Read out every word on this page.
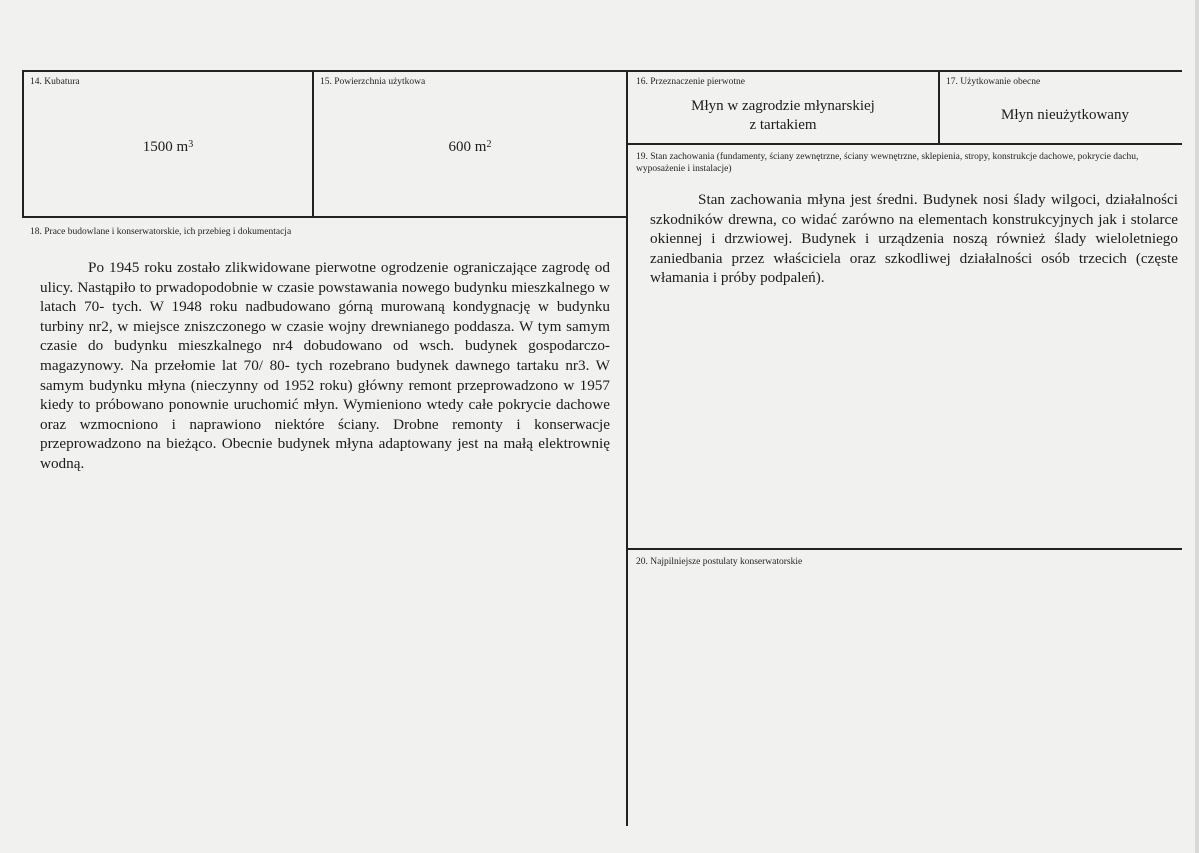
14. Kubatura
1500 $m^3$
15. Powierzchnia użytkowa
600 $m^2$
16. Przeznaczenie pierwotne
Młyn w zagrodzie młynarskiej
z tartakiem
17. Użytkowanie obecne
Młyn nieużytkowany
18. Prace budowlane i konserwatorskie, ich przebieg i dokumentacja
Po 1945 roku zostało zlikwidowane pierwotne ogrodzenie ograniczające zagrodę od ulicy. Nastąpiło to prwadopodobnie w czasie powstawania nowego budynku mieszkalnego w latach 70- tych. W 1948 roku nadbudowano górną murowaną kondygnację w budynku turbiny nr2, w miejsce zniszczonego w czasie wojny drewnianego poddasza. W tym samym czasie do budynku mieszkalnego nr4 dobudowano od wsch. budynek gospodarczo- magazynowy. Na przełomie lat 70/ 80- tych rozebrano budynek dawnego tartaku nr3. W samym budynku młyna (nieczynny od 1952 roku) główny remont przeprowadzono w 1957 kiedy to próbowano ponownie uruchomić młyn. Wymieniono wtedy całe pokrycie dachowe oraz wzmocniono i naprawiono niektóre ściany. Drobne remonty i konserwacje przeprowadzono na bieżąco. Obecnie budynek młyna adaptowany jest na małą elektrownię wodną.
19. Stan zachowania (fundamenty, ściany zewnętrzne, ściany wewnętrzne, sklepienia, stropy, konstrukcje dachowe, pokrycie dachu, wyposażenie i instalacje)
Stan zachowania młyna jest średni. Budynek nosi ślady wilgoci, działalności szkodników drewna, co widać zarówno na elementach konstrukcyjnych jak i stolarce okiennej i drzwiowej. Budynek i urządzenia noszą również ślady wieloletniego zaniedbania przez właściciela oraz szkodliwej działalności osób trzecich (częste włamania i próby podpaleń).
20. Najpilniejsze postulaty konserwatorskie
